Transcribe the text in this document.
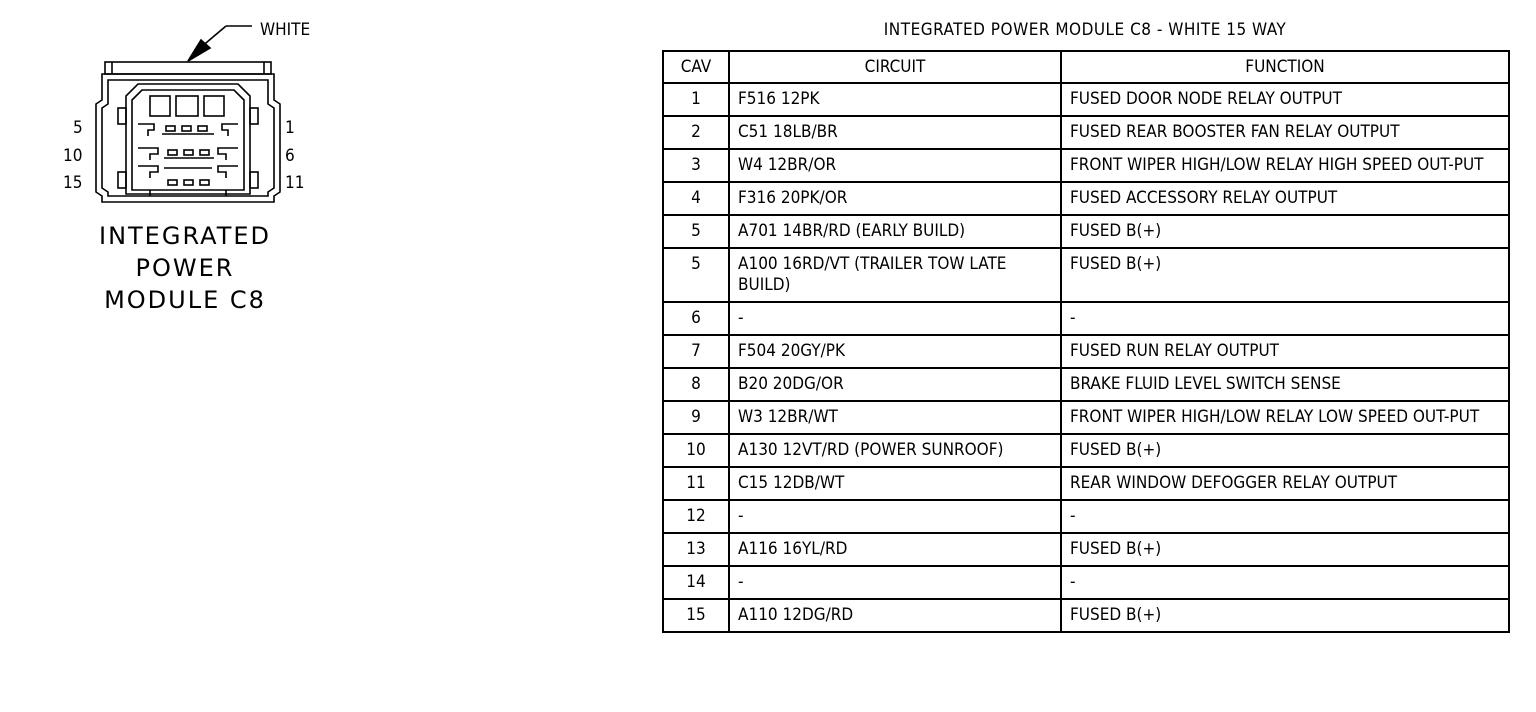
WHITE
5
10
15
1
6
11
INTEGRATED
POWER
MODULE C8
INTEGRATED POWER MODULE C8 - WHITE 15 WAY
CAV	CIRCUIT	FUNCTION
1	F516 12PK	FUSED DOOR NODE RELAY OUTPUT
2	C51 18LB/BR	FUSED REAR BOOSTER FAN RELAY OUTPUT
3	W4 12BR/OR	FRONT WIPER HIGH/LOW RELAY HIGH SPEED OUT-PUT
4	F316 20PK/OR	FUSED ACCESSORY RELAY OUTPUT
5	A701 14BR/RD (EARLY BUILD)	FUSED B(+)
5	A100 16RD/VT (TRAILER TOW LATE BUILD)	FUSED B(+)
6	-	-
7	F504 20GY/PK	FUSED RUN RELAY OUTPUT
8	B20 20DG/OR	BRAKE FLUID LEVEL SWITCH SENSE
9	W3 12BR/WT	FRONT WIPER HIGH/LOW RELAY LOW SPEED OUT-PUT
10	A130 12VT/RD (POWER SUNROOF)	FUSED B(+)
11	C15 12DB/WT	REAR WINDOW DEFOGGER RELAY OUTPUT
12	-	-
13	A116 16YL/RD	FUSED B(+)
14	-	-
15	A110 12DG/RD	FUSED B(+)
